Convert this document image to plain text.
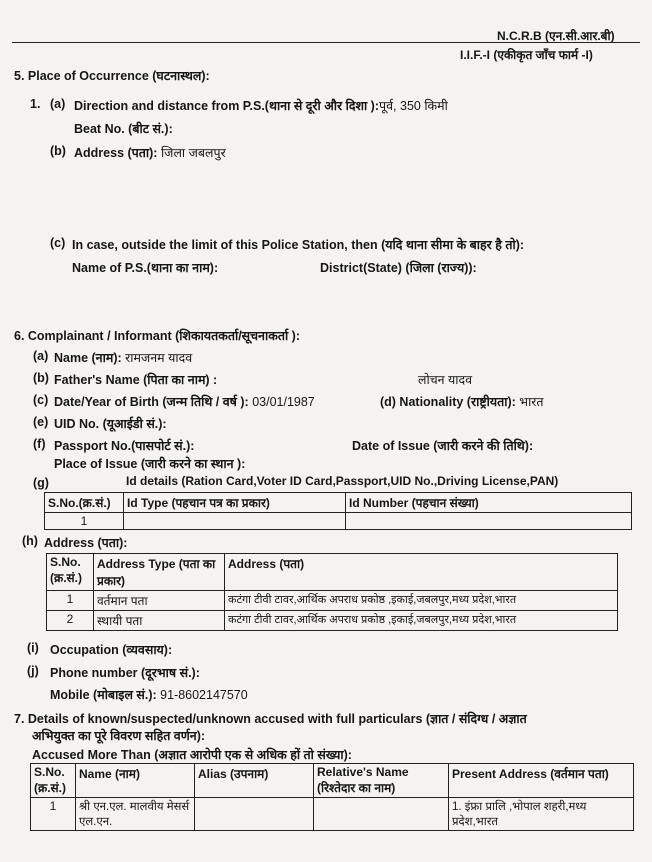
N.C.R.B (एन.सी.आर.बी)
I.I.F.-I (एकीकृत जाँच फार्म -I)
5. Place of Occurrence (घटनास्थल):
1. (a) Direction and distance from P.S.(थाना से दूरी और दिशा ):पूर्व, 350 किमी
Beat No. (बीट सं.):
(b) Address (पता): जिला जबलपुर
(c) In case, outside the limit of this Police Station, then (यदि थाना सीमा के बाहर है तो):
Name of P.S.(थाना का नाम):	District(State) (जिला (राज्य)):
6. Complainant / Informant (शिकायतकर्ता/सूचनाकर्ता ):
(a) Name (नाम): रामजनम यादव
(b) Father's Name (पिता का नाम) :	लोचन यादव
(c) Date/Year of Birth (जन्म तिथि / वर्ष ): 03/01/1987	(d) Nationality (राष्ट्रीयता): भारत
(e) UID No. (यूआईडी सं.):
(f) Passport No.(पासपोर्ट सं.):	Date of Issue (जारी करने की तिथि):
Place of Issue (जारी करने का स्थान ):
(g)	Id details (Ration Card,Voter ID Card,Passport,UID No.,Driving License,PAN)
S.No.(क्र.सं.)	Id Type (पहचान पत्र का प्रकार)	Id Number (पहचान संख्या)
1		
(h) Address (पता):
S.No. (क्र.सं.)	Address Type (पता का प्रकार)	Address (पता)
1	वर्तमान पता	कटंगा टीवी टावर,आर्थिक अपराध प्रकोष्ठ ,इकाई,जबलपुर,मध्य प्रदेश,भारत
2	स्थायी पता	कटंगा टीवी टावर,आर्थिक अपराध प्रकोष्ठ ,इकाई,जबलपुर,मध्य प्रदेश,भारत
(i) Occupation (व्यवसाय):
(j) Phone number (दूरभाष सं.):
Mobile (मोबाइल सं.): 91-8602147570
7. Details of known/suspected/unknown accused with full particulars (ज्ञात / संदिग्ध / अज्ञात
अभियुक्त का पूरे विवरण सहित वर्णन):
Accused More Than (अज्ञात आरोपी एक से अधिक हों तो संख्या):
S.No. (क्र.सं.)	Name (नाम)	Alias (उपनाम)	Relative's Name (रिश्तेदार का नाम)	Present Address (वर्तमान पता)
1	श्री एन.एल. मालवीय मेसर्स एल.एन.			1. इंफ्रा प्रालि ,भोपाल शहरी,मध्य प्रदेश,भारत
